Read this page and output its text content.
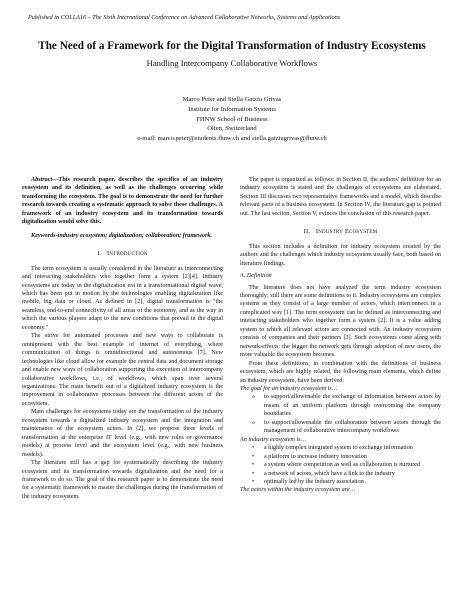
Published in COLLA16 – The Sixth International Conference on Advanced Collaborative Networks, Systems and Applications
The Need of a Framework for the Digital Transformation of Industry Ecosystems
Handling Intercompany Collaborative Workflows
Marco Peter and Stella Gatziu Grivas
Institute for Information Systems
FHNW School of Business
Olten, Switzerland
e-mail: marco.peter@students.fhnw.ch and stella.gatziugrivas@fhnw.ch

Abstract—This research paper, describes the specifics of an industry ecosystem and its definition, as well as the challenges occurring while transforming the ecosystem. The goal is to demonstrate the need for further research towards creating a systematic approach to solve these challenges. A framework of an industry ecosystem and its transformation towards digitalization would solve this.

Keywords-industry ecosystem; digitalization; collaboration; framework.

I. Introduction

The term ecosystem is usually considered in the literature as interconnecting and interacting stakeholders who together form a system [2][4]. Industry ecosystems are today in the digitalization era in a transformational digital wave, which has been put in motion by the technologies enabling digitalization like mobile, big data or cloud. As defined in [2], digital transformation is "the seamless, end-to-end connectivity of all areas of the economy, and as the way in which the various players adapt to the new conditions that prevail in the digital economy."

The strive for automated processes and new ways to collaborate is omnipresent with the best example of internet of everything, where communication of things is omnidirectional and autonomous [7]. New technologies like cloud allow for example the central data and document storage and enable new ways of collaboration supporting the execution of intercompany collaborative workflows, i.e., of workflows, which span over several organizations. The main benefit out of a digitalized industry ecosystem is the improvement in collaborative processes between the different actors of the ecosystem.

Main challenges for ecosystems today are the transformation of the industry ecosystem towards a digitalized industry ecosystem and the integration and maintenance of the ecosystem actors. In [2], we propose three levels of transformation at the enterprise IT level (e.g., with new roles or governance models) at process level and the ecosystem level (e.g., with new business models).

The literature still has a gap for systematically describing the industry ecosystem and its transformation towards digitalization and the need for a framework to do so. The goal of this research paper is to demonstrate the need for a systematic framework to master the challenges during the transformation of the industry ecosystem.

The paper is organized as follows: in Section II, the authors' definition for an industry ecosystem is stated and the challenges of ecosystems are elaborated. Section III discusses two representative frameworks and a model, which describe relevant parts of a business ecosystem. In Section IV, the literature gap is pointed out. The last section, Section V, evinces the conclusion of this research paper.

II. Industry Ecosystem

This section includes a definition for industry ecosystem created by the authors and the challenges which industry ecosystem usually face, both based on literature findings.

A. Definition

The literature does not have analyzed the term industry ecosystem thoroughly; still there are some definitions to it. Industry ecosystems are complex systems as they consist of a large number of actors, which interconnect in a complicated way [1]. The term ecosystem can be defined as interconnecting and interacting stakeholders who together form a system [2]. It is a value adding system to which all relevant actors are connected with. An industry ecosystem consists of companies and their partners [3]. Such ecosystems come along with network-effects: the bigger the network gets through adoption of new users, the more valuable the ecosystem becomes.

From these definitions, in combination with the definitions of business ecosystem, which are highly related, the following main elements, which define an industry ecosystem, have been derived:

The goal for an industry ecosystem is…

o to support/allowenable the exchange of information between actors by means of an uniform platform through overcoming the company boundaries
o to support/allowenable the collaboration between actors through the management of collaborative intercompany workflows

An industry ecosystem is…

• a highly complex integrated system to exchange information
• a platform to increase industry innovation
• a system where competition as well as collaboration is nurtured
• a network of actors, which have a link to the industry
• optimally led by the industry association

The actors within the industry ecosystem are…
